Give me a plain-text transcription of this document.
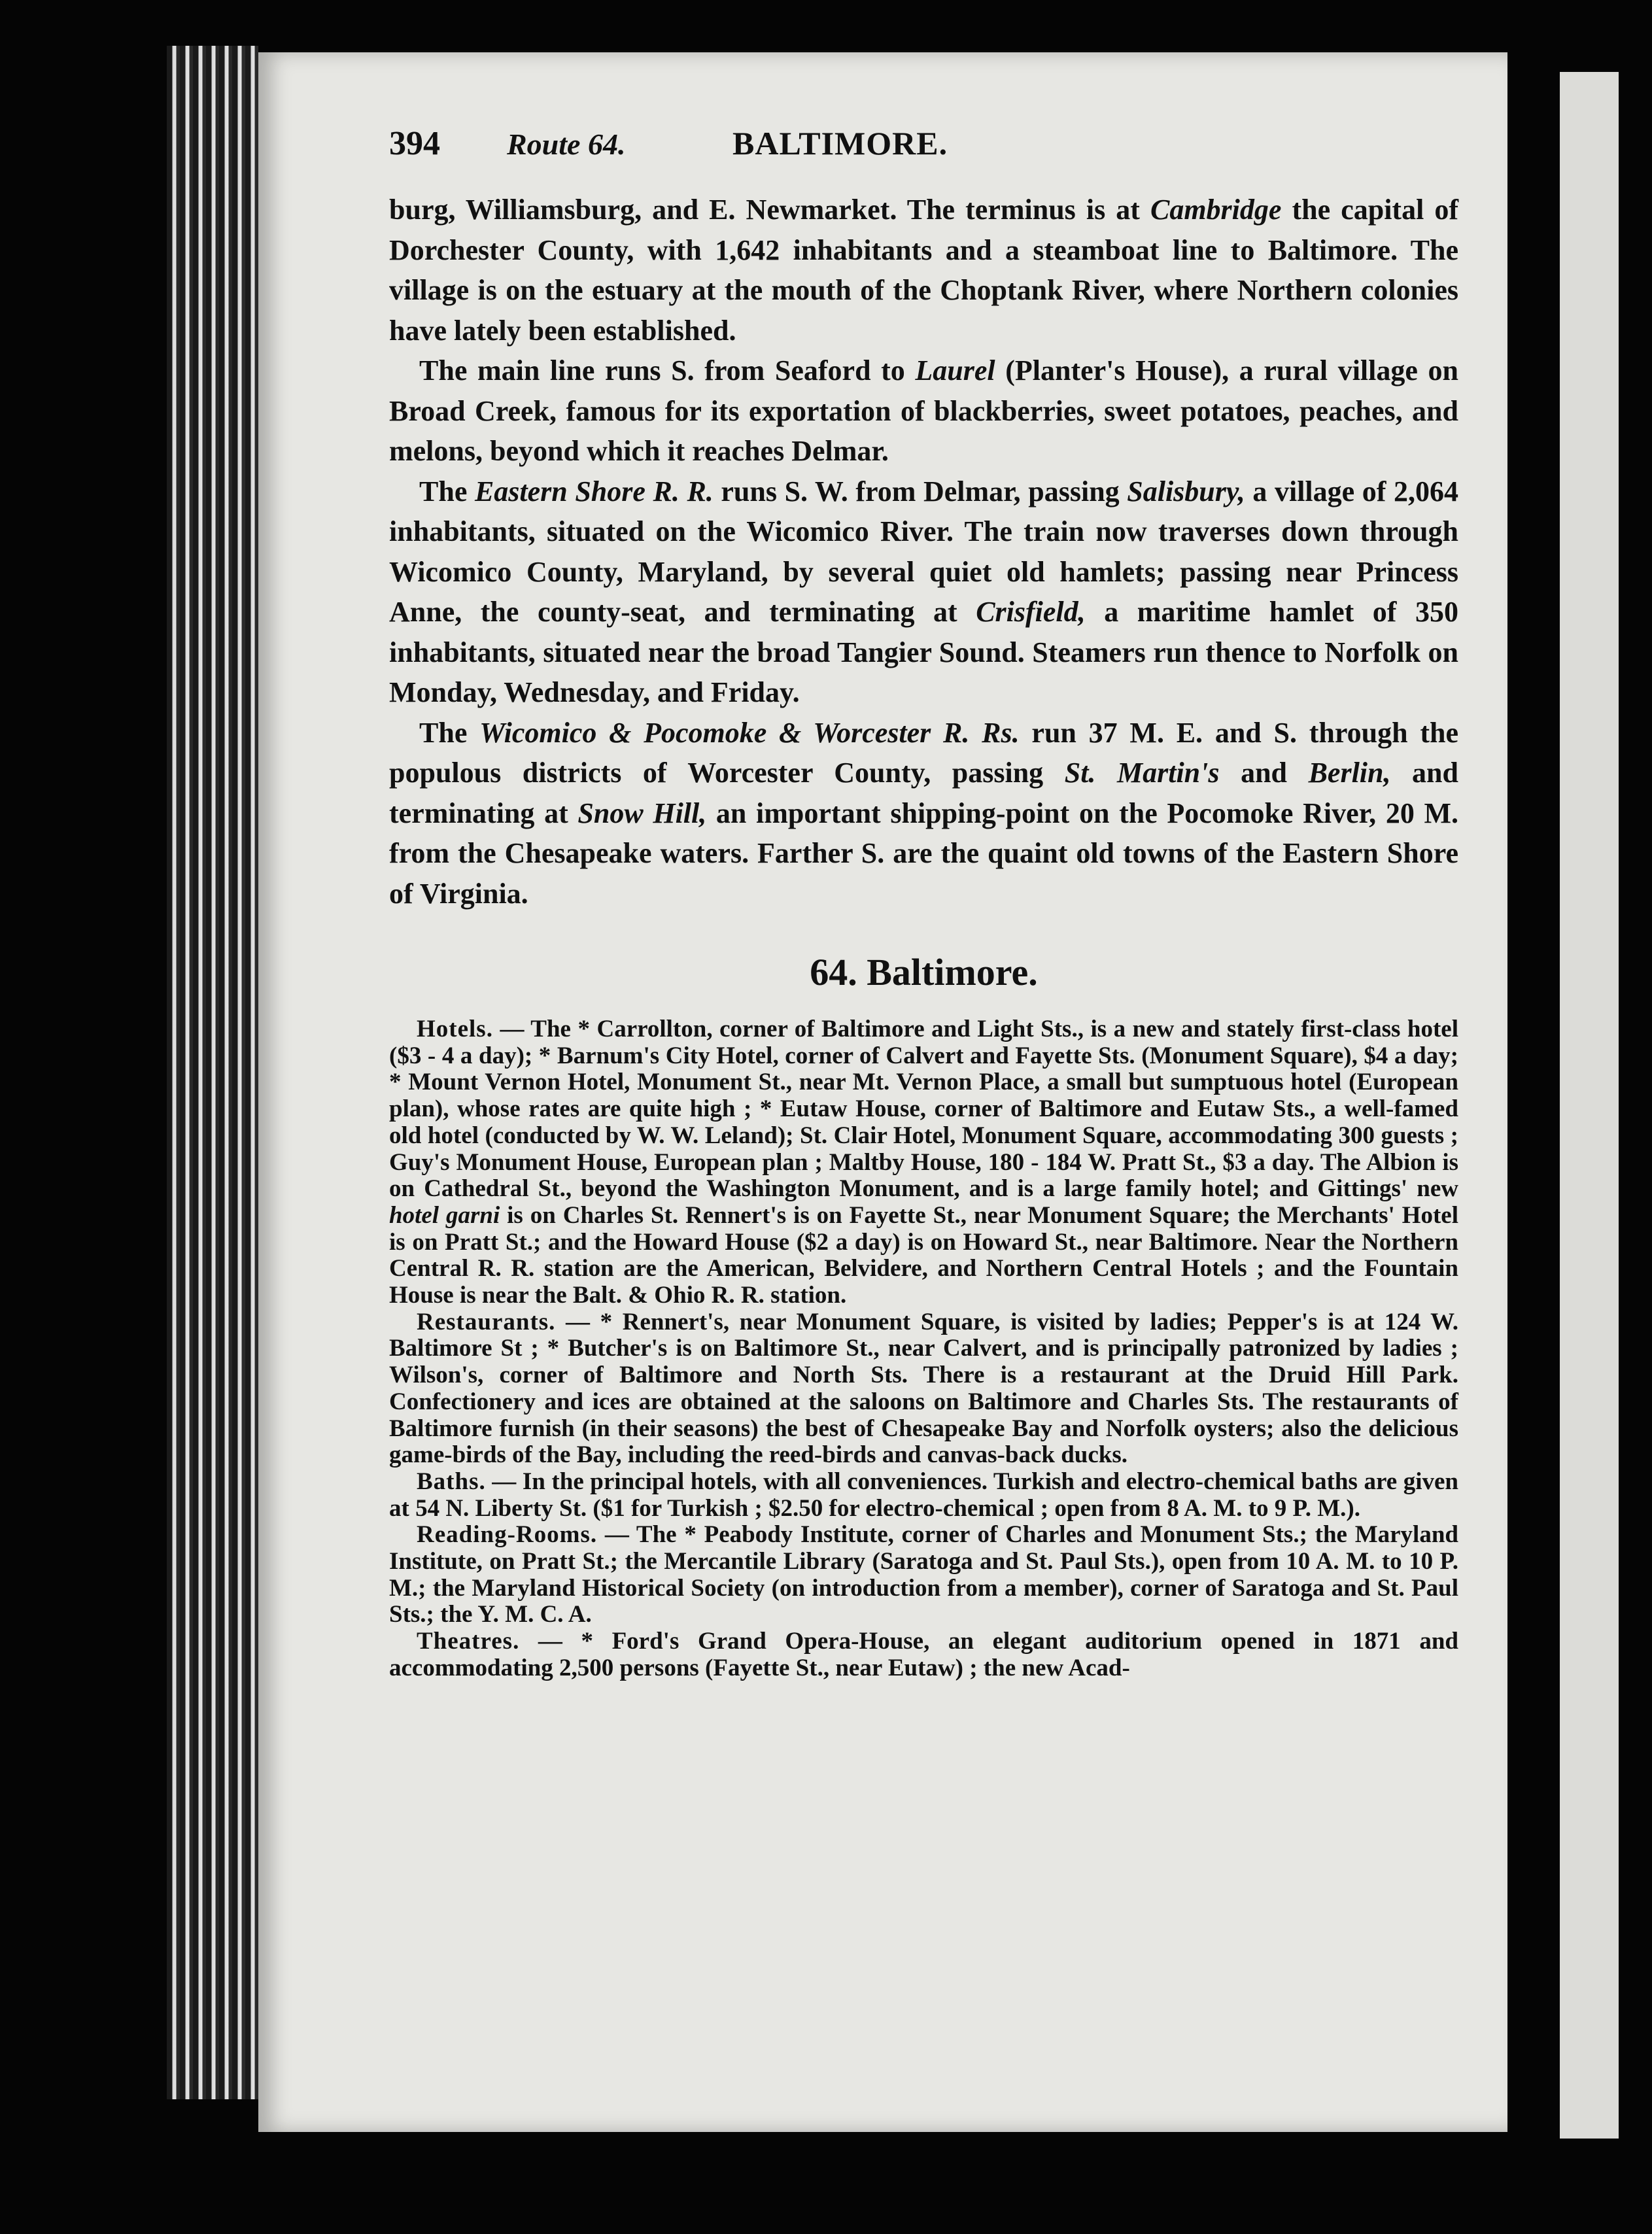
394	Route 64.	BALTIMORE.

burg, Williamsburg, and E. Newmarket. The terminus is at Cambridge the capital of Dorchester County, with 1,642 inhabitants and a steamboat line to Baltimore. The village is on the estuary at the mouth of the Choptank River, where Northern colonies have lately been established.

The main line runs S. from Seaford to Laurel (Planter's House), a rural village on Broad Creek, famous for its exportation of blackberries, sweet potatoes, peaches, and melons, beyond which it reaches Delmar.

The Eastern Shore R. R. runs S. W. from Delmar, passing Salisbury, a village of 2,064 inhabitants, situated on the Wicomico River. The train now traverses down through Wicomico County, Maryland, by several quiet old hamlets; passing near Princess Anne, the county-seat, and terminating at Crisfield, a maritime hamlet of 350 inhabitants, situated near the broad Tangier Sound. Steamers run thence to Norfolk on Monday, Wednesday, and Friday.

The Wicomico & Pocomoke & Worcester R. Rs. run 37 M. E. and S. through the populous districts of Worcester County, passing St. Martin's and Berlin, and terminating at Snow Hill, an important shipping-point on the Pocomoke River, 20 M. from the Chesapeake waters. Farther S. are the quaint old towns of the Eastern Shore of Virginia.

64. Baltimore.

Hotels. — The * Carrollton, corner of Baltimore and Light Sts., is a new and stately first-class hotel ($3 - 4 a day); * Barnum's City Hotel, corner of Calvert and Fayette Sts. (Monument Square), $4 a day; * Mount Vernon Hotel, Monument St., near Mt. Vernon Place, a small but sumptuous hotel (European plan), whose rates are quite high ; * Eutaw House, corner of Baltimore and Eutaw Sts., a well-famed old hotel (conducted by W. W. Leland); St. Clair Hotel, Monument Square, accommodating 300 guests ; Guy's Monument House, European plan ; Maltby House, 180 - 184 W. Pratt St., $3 a day. The Albion is on Cathedral St., beyond the Washington Monument, and is a large family hotel; and Gittings' new hotel garni is on Charles St. Rennert's is on Fayette St., near Monument Square; the Merchants' Hotel is on Pratt St.; and the Howard House ($2 a day) is on Howard St., near Baltimore. Near the Northern Central R. R. station are the American, Belvidere, and Northern Central Hotels ; and the Fountain House is near the Balt. & Ohio R. R. station.

Restaurants. — * Rennert's, near Monument Square, is visited by ladies; Pepper's is at 124 W. Baltimore St ; * Butcher's is on Baltimore St., near Calvert, and is principally patronized by ladies ; Wilson's, corner of Baltimore and North Sts. There is a restaurant at the Druid Hill Park. Confectionery and ices are obtained at the saloons on Baltimore and Charles Sts. The restaurants of Baltimore furnish (in their seasons) the best of Chesapeake Bay and Norfolk oysters; also the delicious game-birds of the Bay, including the reed-birds and canvas-back ducks.

Baths. — In the principal hotels, with all conveniences. Turkish and electro-chemical baths are given at 54 N. Liberty St. ($1 for Turkish ; $2.50 for electro-chemical ; open from 8 A. M. to 9 P. M.).

Reading-Rooms. — The * Peabody Institute, corner of Charles and Monument Sts.; the Maryland Institute, on Pratt St.; the Mercantile Library (Saratoga and St. Paul Sts.), open from 10 A. M. to 10 P. M.; the Maryland Historical Society (on introduction from a member), corner of Saratoga and St. Paul Sts.; the Y. M. C. A.

Theatres. — * Ford's Grand Opera-House, an elegant auditorium opened in 1871 and accommodating 2,500 persons (Fayette St., near Eutaw) ; the new Acad-
